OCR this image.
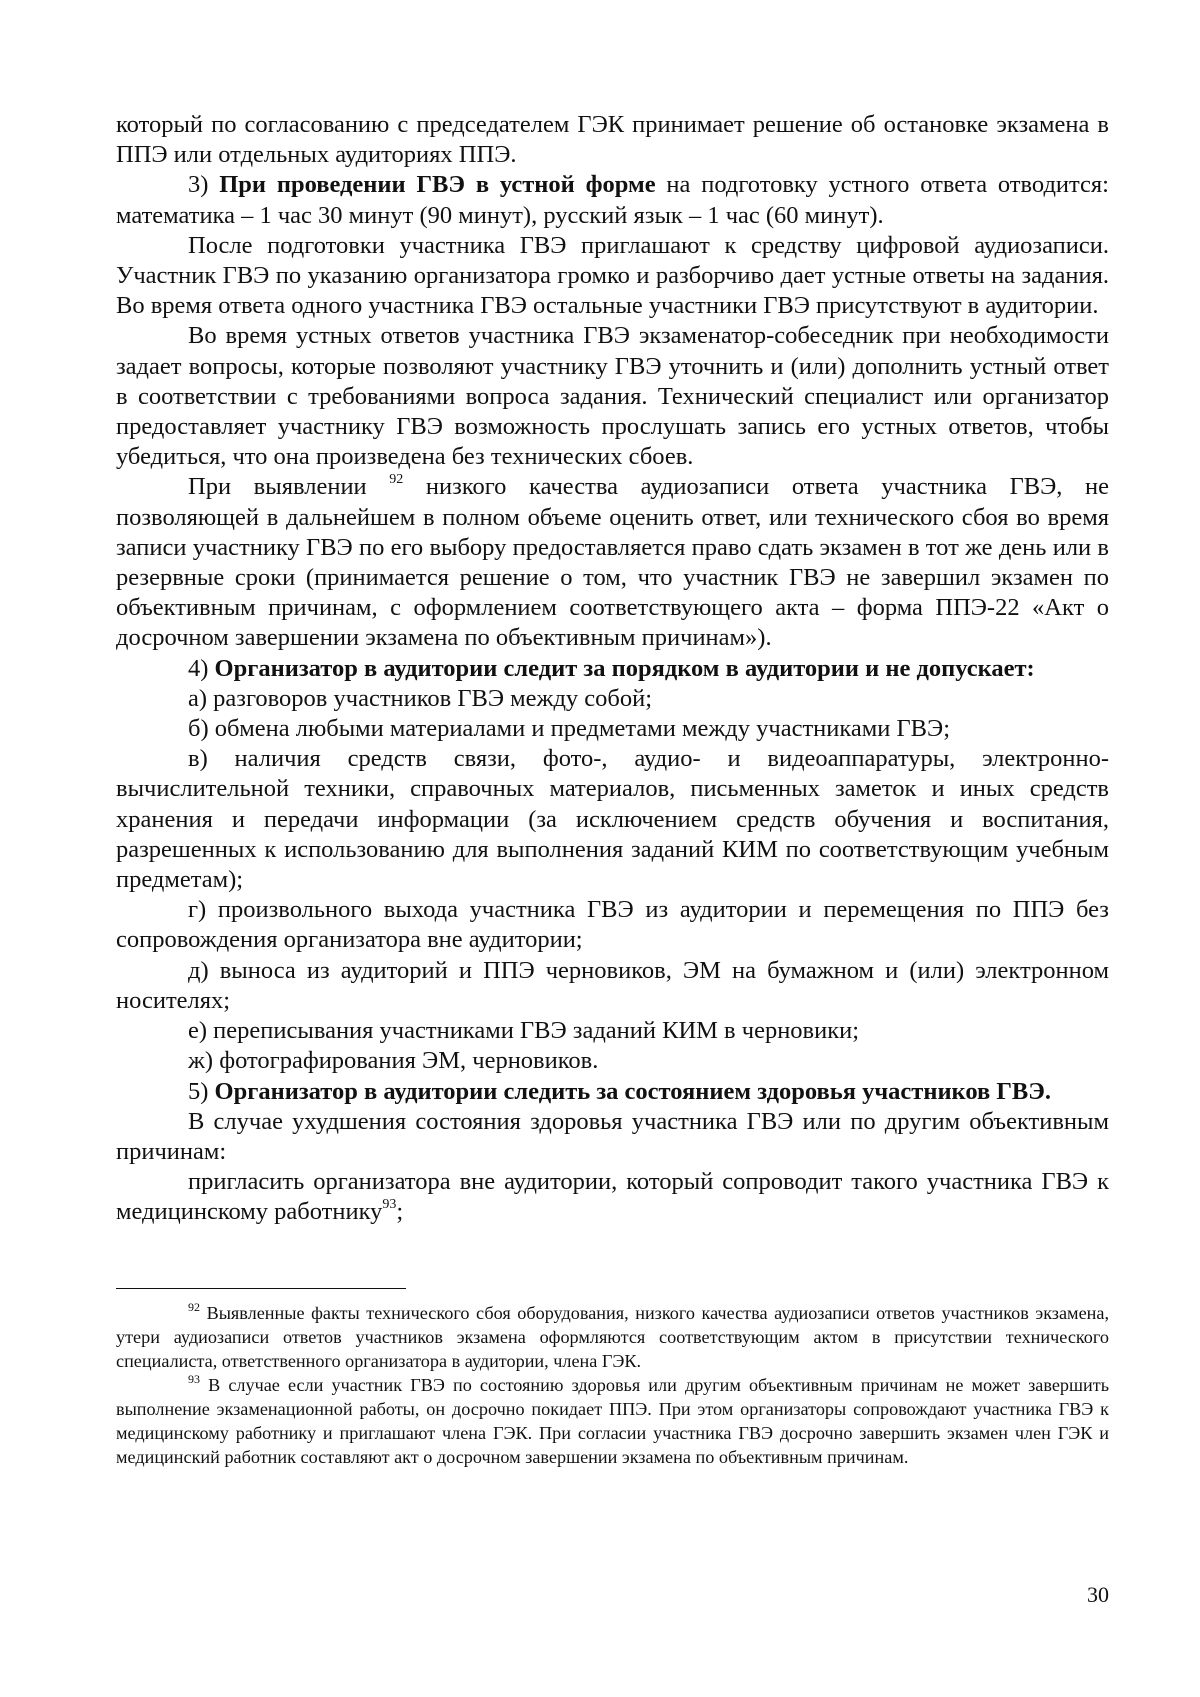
который по согласованию с председателем ГЭК принимает решение об остановке экзамена в ППЭ или отдельных аудиториях ППЭ.

3) При проведении ГВЭ в устной форме на подготовку устного ответа отводится: математика – 1 час 30 минут (90 минут), русский язык – 1 час (60 минут).

После подготовки участника ГВЭ приглашают к средству цифровой аудиозаписи. Участник ГВЭ по указанию организатора громко и разборчиво дает устные ответы на задания. Во время ответа одного участника ГВЭ остальные участники ГВЭ присутствуют в аудитории.

Во время устных ответов участника ГВЭ экзаменатор-собеседник при необходимости задает вопросы, которые позволяют участнику ГВЭ уточнить и (или) дополнить устный ответ в соответствии с требованиями вопроса задания. Технический специалист или организатор предоставляет участнику ГВЭ возможность прослушать запись его устных ответов, чтобы убедиться, что она произведена без технических сбоев.

При выявлении $^{92}$ низкого качества аудиозаписи ответа участника ГВЭ, не позволяющей в дальнейшем в полном объеме оценить ответ, или технического сбоя во время записи участнику ГВЭ по его выбору предоставляется право сдать экзамен в тот же день или в резервные сроки (принимается решение о том, что участник ГВЭ не завершил экзамен по объективным причинам, с оформлением соответствующего акта – форма ППЭ-22 «Акт о досрочном завершении экзамена по объективным причинам»).

4) Организатор в аудитории следит за порядком в аудитории и не допускает:

а) разговоров участников ГВЭ между собой;

б) обмена любыми материалами и предметами между участниками ГВЭ;

в) наличия средств связи, фото-, аудио- и видеоаппаратуры, электронно-вычислительной техники, справочных материалов, письменных заметок и иных средств хранения и передачи информации (за исключением средств обучения и воспитания, разрешенных к использованию для выполнения заданий КИМ по соответствующим учебным предметам);

г) произвольного выхода участника ГВЭ из аудитории и перемещения по ППЭ без сопровождения организатора вне аудитории;

д) выноса из аудиторий и ППЭ черновиков, ЭМ на бумажном и (или) электронном носителях;

е) переписывания участниками ГВЭ заданий КИМ в черновики;

ж) фотографирования ЭМ, черновиков.

5) Организатор в аудитории следить за состоянием здоровья участников ГВЭ.

В случае ухудшения состояния здоровья участника ГВЭ или по другим объективным причинам:

пригласить организатора вне аудитории, который сопроводит такого участника ГВЭ к медицинскому работнику$^{93}$;

$^{92}$ Выявленные факты технического сбоя оборудования, низкого качества аудиозаписи ответов участников экзамена, утери аудиозаписи ответов участников экзамена оформляются соответствующим актом в присутствии технического специалиста, ответственного организатора в аудитории, члена ГЭК.

$^{93}$ В случае если участник ГВЭ по состоянию здоровья или другим объективным причинам не может завершить выполнение экзаменационной работы, он досрочно покидает ППЭ. При этом организаторы сопровождают участника ГВЭ к медицинскому работнику и приглашают члена ГЭК. При согласии участника ГВЭ досрочно завершить экзамен член ГЭК и медицинский работник составляют акт о досрочном завершении экзамена по объективным причинам.

30
